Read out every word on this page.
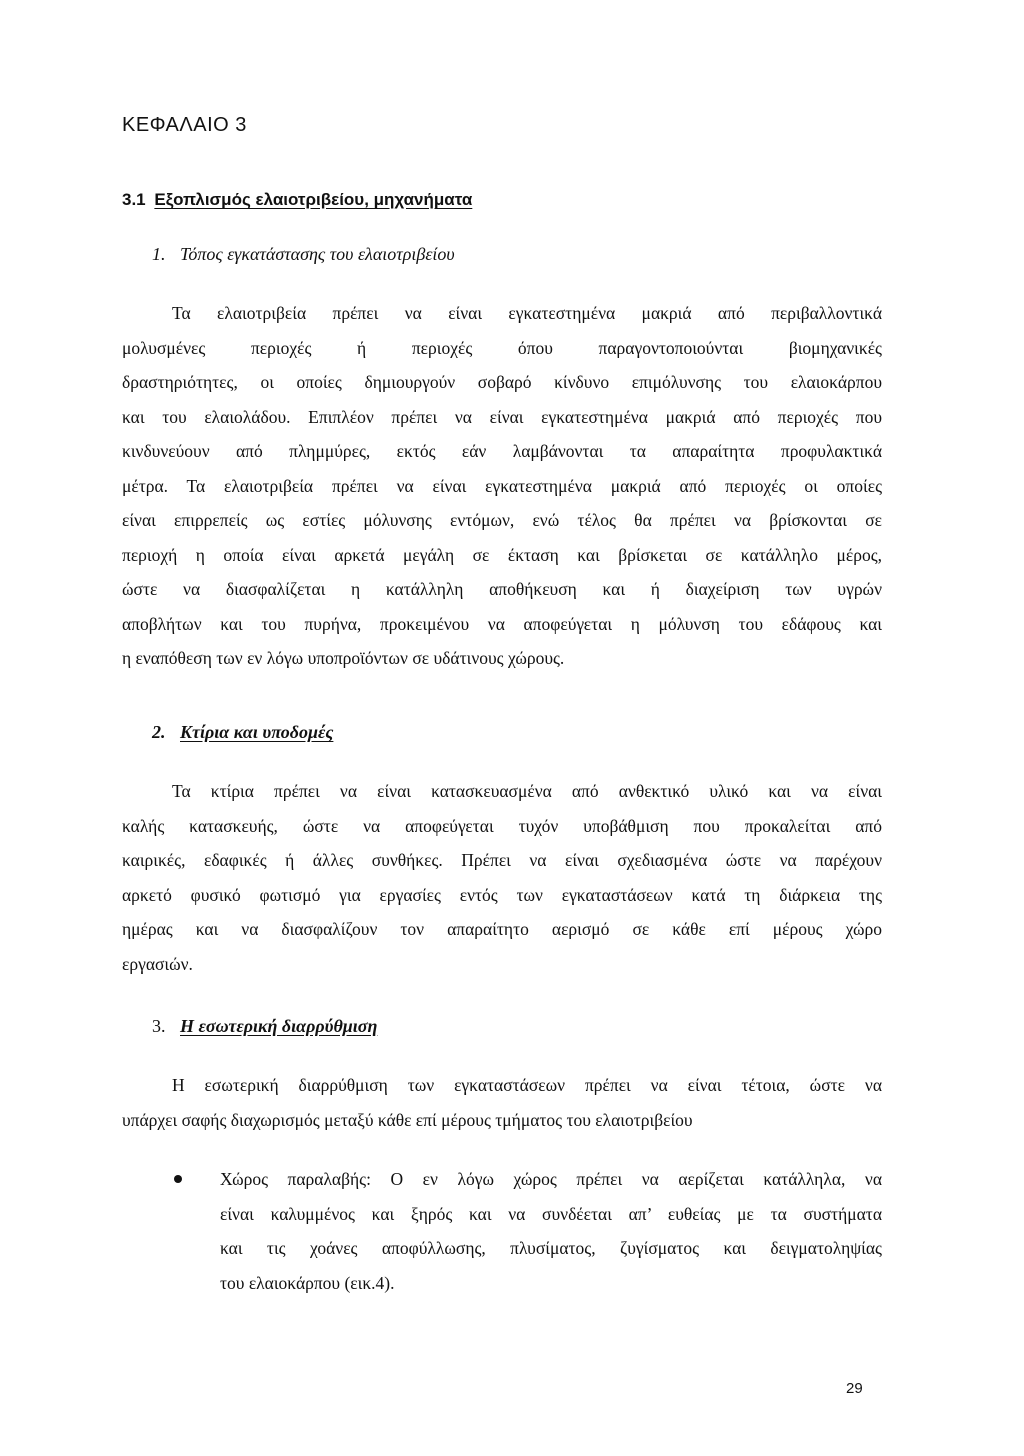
ΚΕΦΑΛΑΙΟ 3
3.1 Εξοπλισμός ελαιοτριβείου, μηχανήματα
1. Τόπος εγκατάστασης του ελαιοτριβείου
Τα ελαιοτριβεία πρέπει να είναι εγκατεστημένα μακριά από περιβαλλοντικά
μολυσμένες περιοχές ή περιοχές όπου παραγοντοποιούνται βιομηχανικές
δραστηριότητες, οι οποίες δημιουργούν σοβαρό κίνδυνο επιμόλυνσης του ελαιοκάρπου
και του ελαιολάδου. Επιπλέον πρέπει να είναι εγκατεστημένα μακριά από περιοχές που
κινδυνεύουν από πλημμύρες, εκτός εάν λαμβάνονται τα απαραίτητα προφυλακτικά
μέτρα. Τα ελαιοτριβεία πρέπει να είναι εγκατεστημένα μακριά από περιοχές οι οποίες
είναι επιρρεπείς ως εστίες μόλυνσης εντόμων, ενώ τέλος θα πρέπει να βρίσκονται σε
περιοχή η οποία είναι αρκετά μεγάλη σε έκταση και βρίσκεται σε κατάλληλο μέρος,
ώστε να διασφαλίζεται η κατάλληλη αποθήκευση και ή διαχείριση των υγρών
αποβλήτων και του πυρήνα, προκειμένου να αποφεύγεται η μόλυνση του εδάφους και
η εναπόθεση των εν λόγω υποπροϊόντων σε υδάτινους χώρους.
2. Κτίρια και υποδομές
Τα κτίρια πρέπει να είναι κατασκευασμένα από ανθεκτικό υλικό και να είναι
καλής κατασκευής, ώστε να αποφεύγεται τυχόν υποβάθμιση που προκαλείται από
καιρικές, εδαφικές ή άλλες συνθήκες. Πρέπει να είναι σχεδιασμένα ώστε να παρέχουν
αρκετό φυσικό φωτισμό για εργασίες εντός των εγκαταστάσεων κατά τη διάρκεια της
ημέρας και να διασφαλίζουν τον απαραίτητο αερισμό σε κάθε επί μέρους χώρο
εργασιών.
3. Η εσωτερική διαρρύθμιση
Η εσωτερική διαρρύθμιση των εγκαταστάσεων πρέπει να είναι τέτοια, ώστε να
υπάρχει σαφής διαχωρισμός μεταξύ κάθε επί μέρους τμήματος του ελαιοτριβείου
Χώρος παραλαβής: Ο εν λόγω χώρος πρέπει να αερίζεται κατάλληλα, να
είναι καλυμμένος και ξηρός και να συνδέεται απ’ ευθείας με τα συστήματα
και τις χοάνες αποφύλλωσης, πλυσίματος, ζυγίσματος και δειγματοληψίας
του ελαιοκάρπου (εικ.4).
29
